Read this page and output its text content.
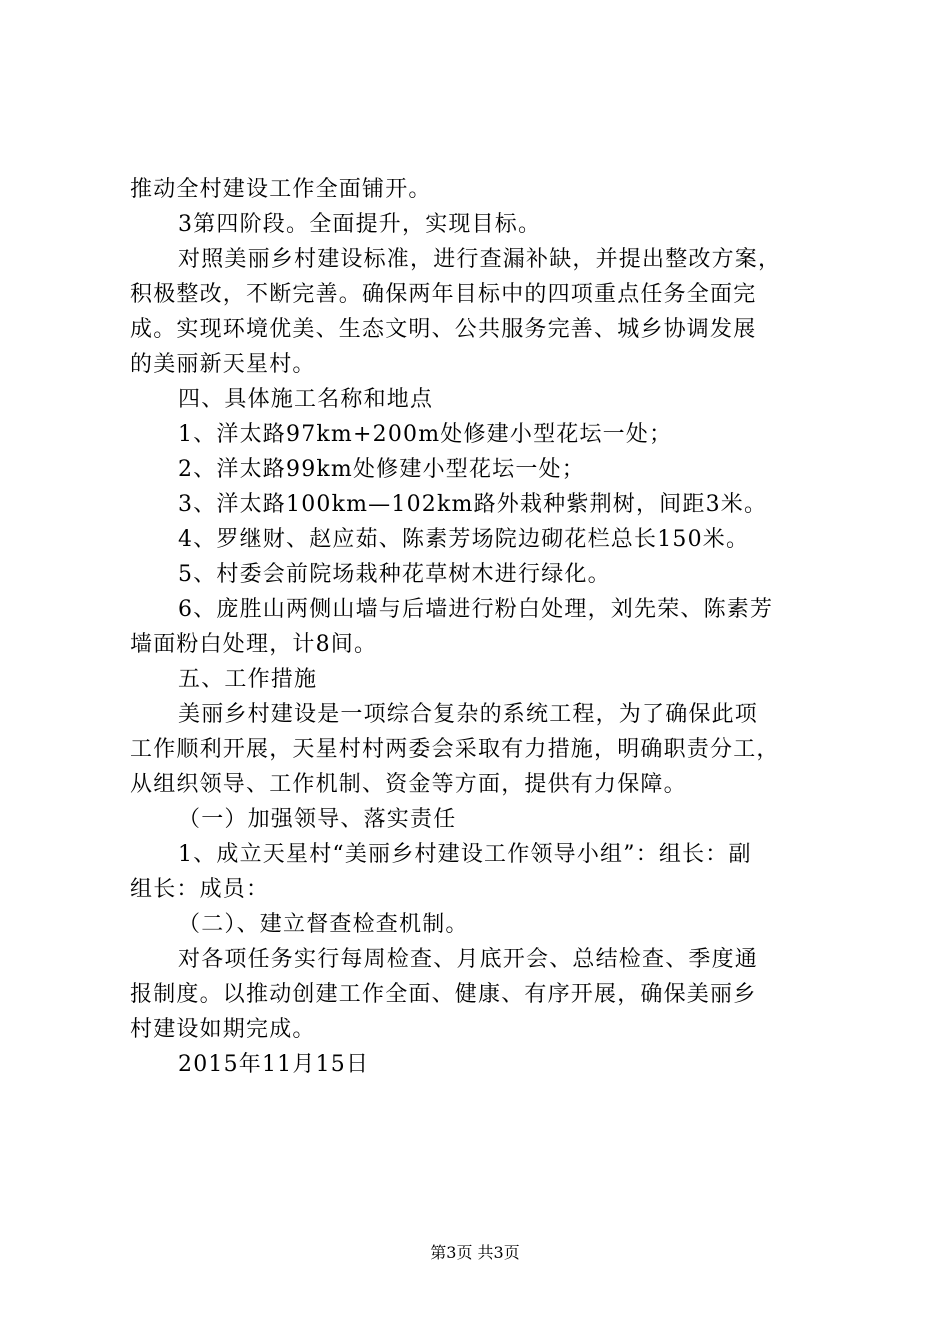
推动全村建设工作全面铺开。
3第四阶段。全面提升，实现目标。
对照美丽乡村建设标准，进行查漏补缺，并提出整改方案，
积极整改，不断完善。确保两年目标中的四项重点任务全面完
成。实现环境优美、生态文明、公共服务完善、城乡协调发展
的美丽新天星村。
四、具体施工名称和地点
1、洋太路97km+200m处修建小型花坛一处；
2、洋太路99km处修建小型花坛一处；
3、洋太路100km—102km路外栽种紫荆树，间距3米。
4、罗继财、赵应茹、陈素芳场院边砌花栏总长150米。
5、村委会前院场栽种花草树木进行绿化。
6、庞胜山两侧山墙与后墙进行粉白处理，刘先荣、陈素芳
墙面粉白处理，计8间。
五、工作措施
美丽乡村建设是一项综合复杂的系统工程，为了确保此项
工作顺利开展，天星村村两委会采取有力措施，明确职责分工，
从组织领导、工作机制、资金等方面，提供有力保障。
（一）加强领导、落实责任
1、成立天星村“美丽乡村建设工作领导小组”：组长：副
组长：成员：
（二）、建立督查检查机制。
对各项任务实行每周检查、月底开会、总结检查、季度通
报制度。以推动创建工作全面、健康、有序开展，确保美丽乡
村建设如期完成。
2015年11月15日
第3页 共3页
